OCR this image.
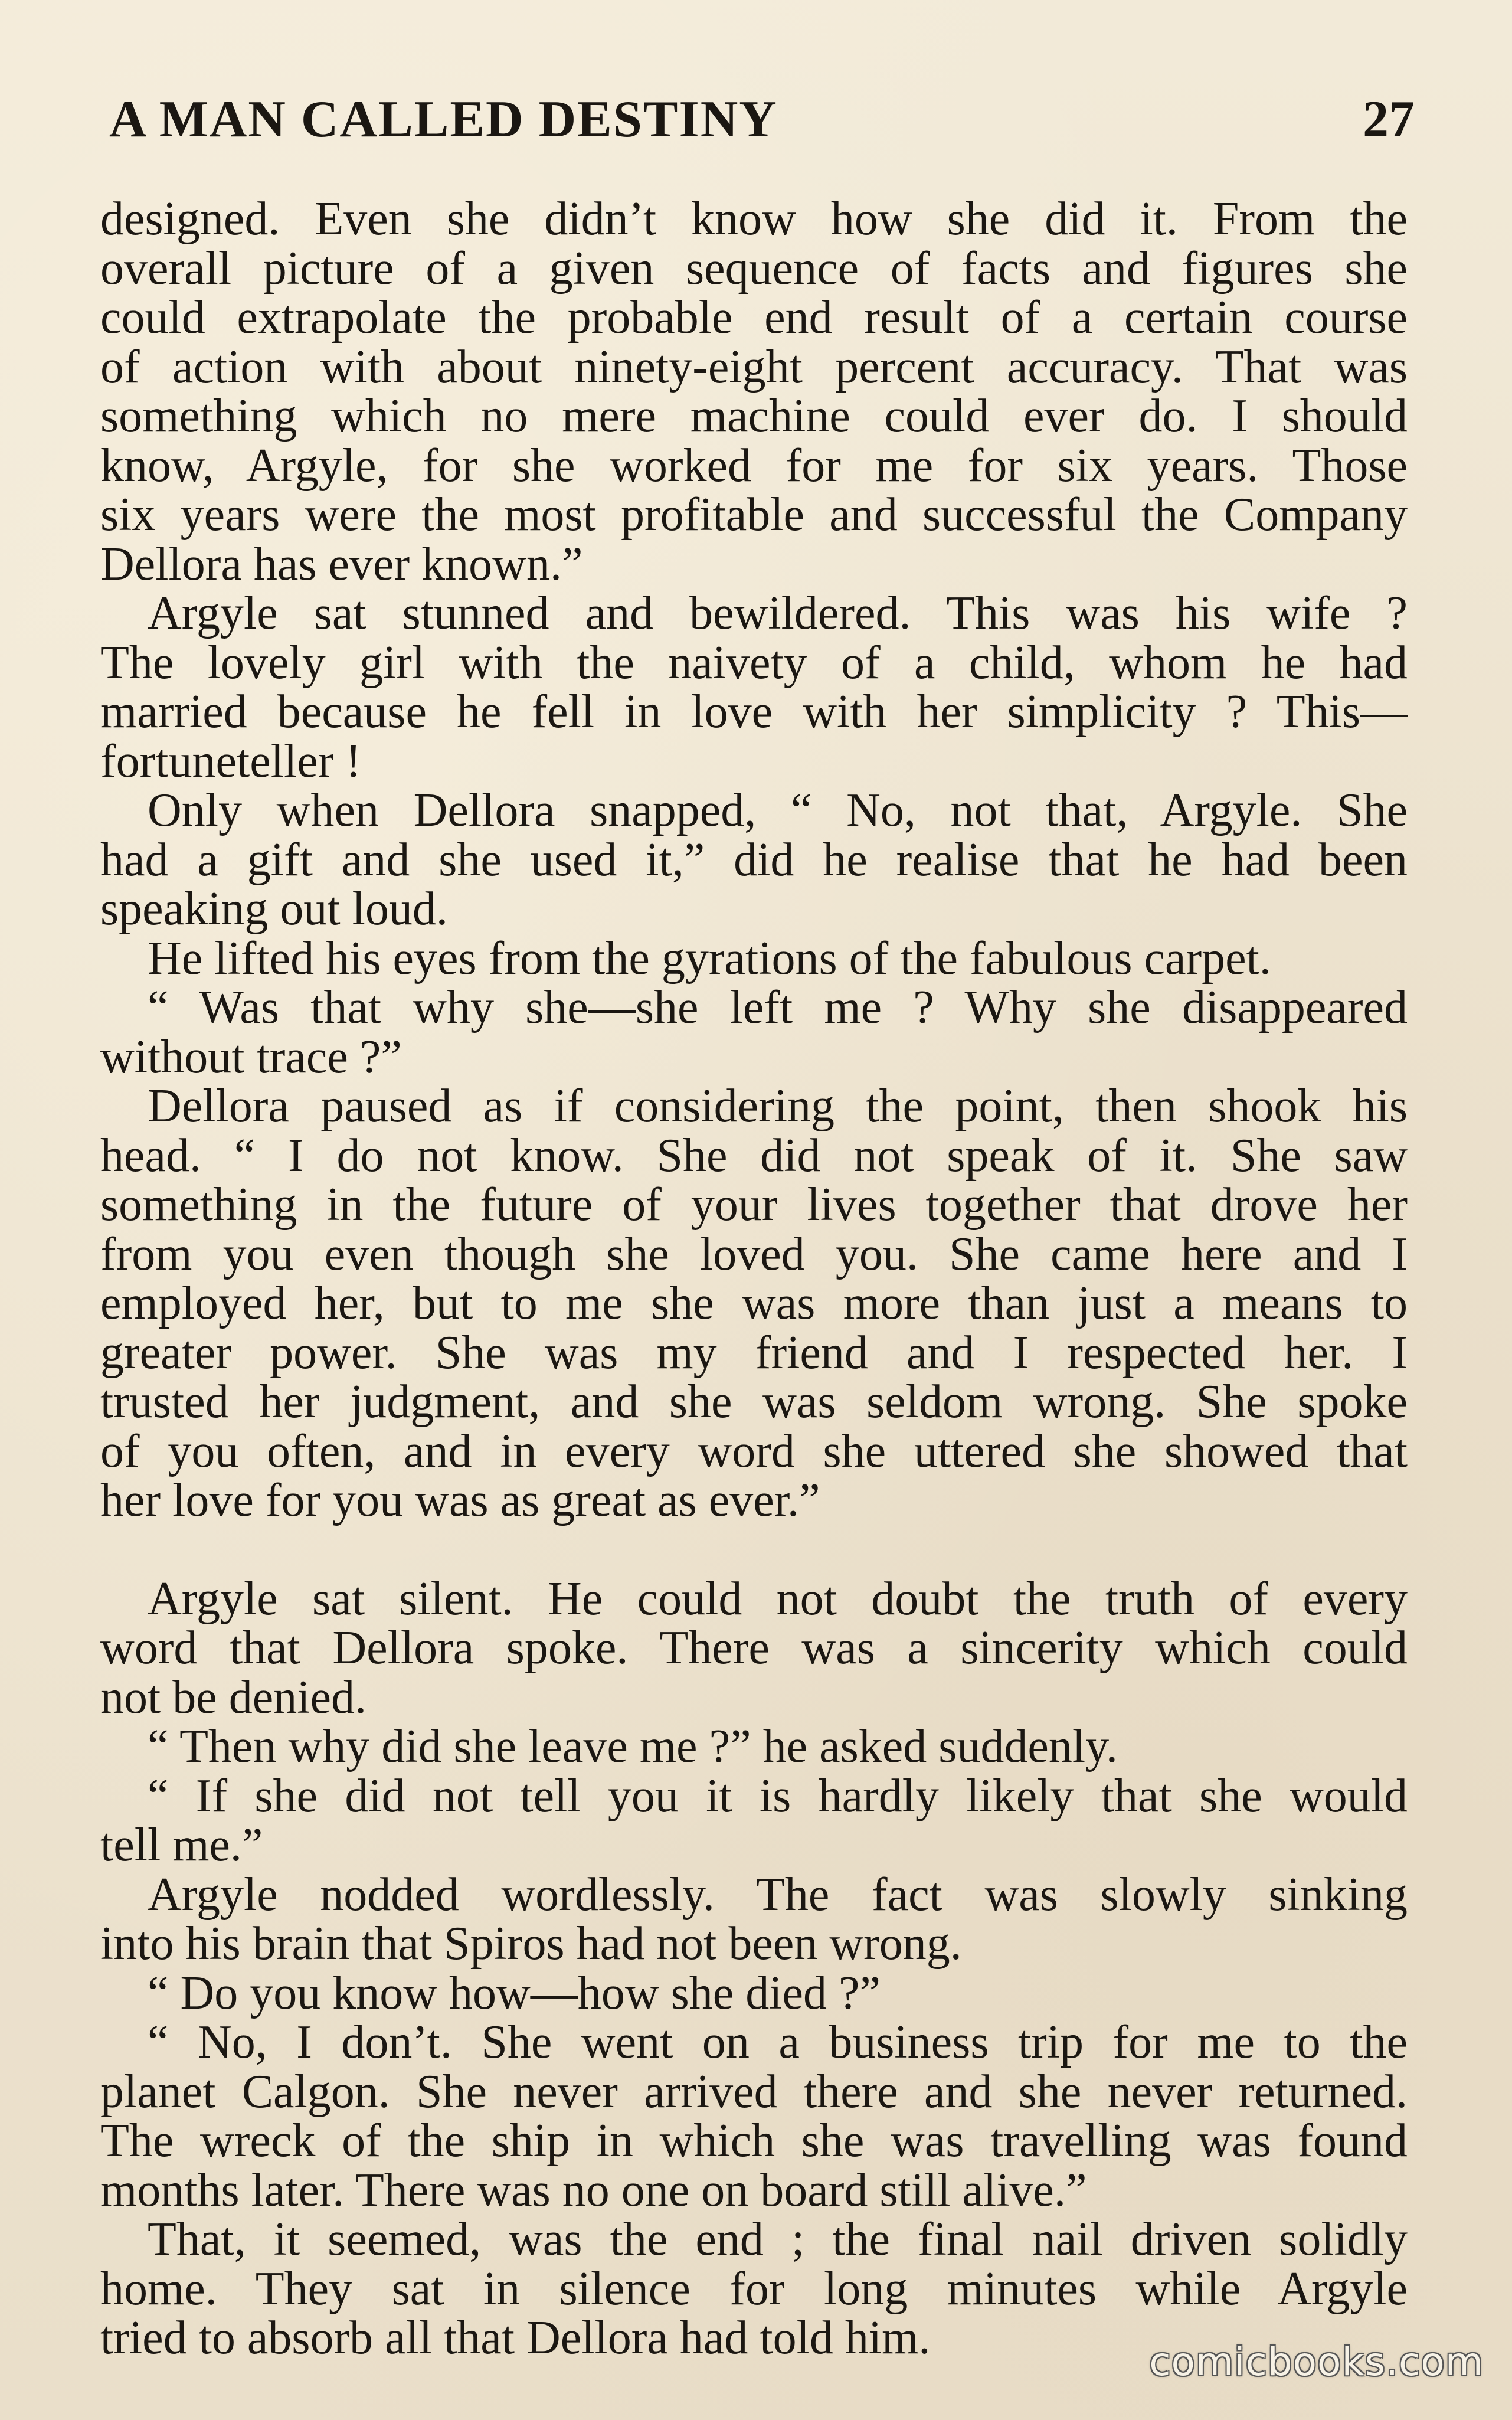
A MAN CALLED DESTINY	27
designed. Even she didn’t know how she did it. From the
overall picture of a given sequence of facts and figures she
could extrapolate the probable end result of a certain course
of action with about ninety-eight percent accuracy. That was
something which no mere machine could ever do. I should
know, Argyle, for she worked for me for six years. Those
six years were the most profitable and successful the Company
Dellora has ever known.”
Argyle sat stunned and bewildered. This was his wife ?
The lovely girl with the naivety of a child, whom he had
married because he fell in love with her simplicity ? This—
fortuneteller !
Only when Dellora snapped, “ No, not that, Argyle. She
had a gift and she used it,” did he realise that he had been
speaking out loud.
He lifted his eyes from the gyrations of the fabulous carpet.
“ Was that why she—she left me ? Why she disappeared
without trace ?”
Dellora paused as if considering the point, then shook his
head. “ I do not know. She did not speak of it. She saw
something in the future of your lives together that drove her
from you even though she loved you. She came here and I
employed her, but to me she was more than just a means to
greater power. She was my friend and I respected her. I
trusted her judgment, and she was seldom wrong. She spoke
of you often, and in every word she uttered she showed that
her love for you was as great as ever.”
Argyle sat silent. He could not doubt the truth of every
word that Dellora spoke. There was a sincerity which could
not be denied.
“ Then why did she leave me ?” he asked suddenly.
“ If she did not tell you it is hardly likely that she would
tell me.”
Argyle nodded wordlessly. The fact was slowly sinking
into his brain that Spiros had not been wrong.
“ Do you know how—how she died ?”
“ No, I don’t. She went on a business trip for me to the
planet Calgon. She never arrived there and she never returned.
The wreck of the ship in which she was travelling was found
months later. There was no one on board still alive.”
That, it seemed, was the end ; the final nail driven solidly
home. They sat in silence for long minutes while Argyle
tried to absorb all that Dellora had told him.	comicbooks.com
